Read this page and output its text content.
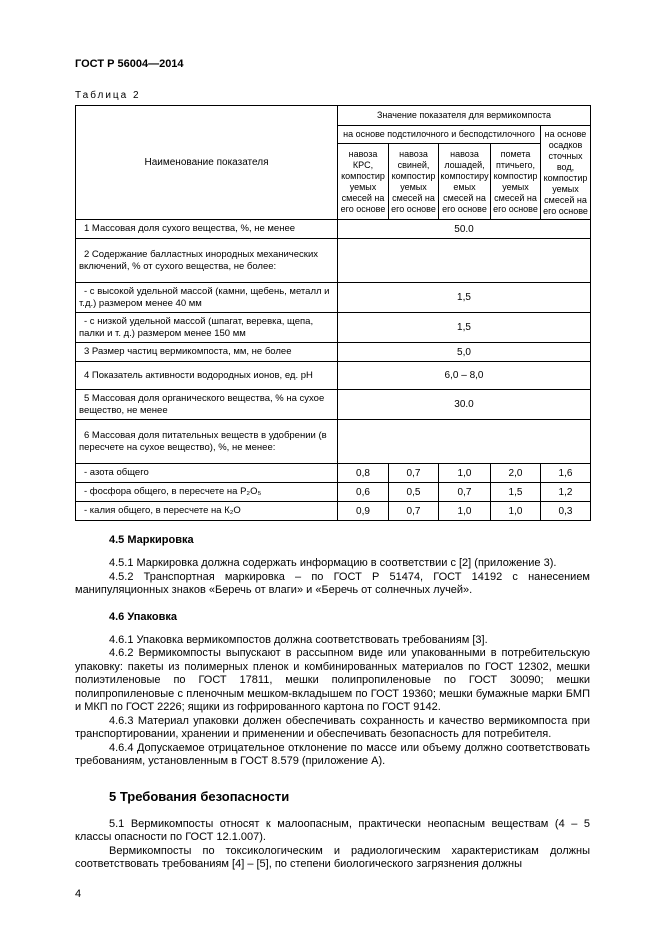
ГОСТ Р 56004—2014
Таблица 2
Наименование показателя	Значение показателя для вермикомпоста				
	на основе подстилочного и бесподстилочного				на основе осадков сточных вод, компостируемых смесей на его основе
	навоза КРС, компостируемых смесей на его основе	навоза свиней, компостируемых смесей на его основе	навоза лошадей, компостируемых смесей на его основе	помета птичьего, компостируемых смесей на его основе	
1 Массовая доля сухого вещества, %, не менее	50.0				
2 Содержание балластных инородных механических включений, % от сухого вещества, не более:					
- с высокой удельной массой (камни, щебень, металл и т.д.) размером менее 40 мм	1,5				
- с низкой удельной массой (шпагат, веревка, щепа, палки и т. д.) размером менее 150 мм	1,5				
3 Размер частиц вермикомпоста, мм, не более	5,0				
4 Показатель активности водородных ионов, ед. рН	6,0 – 8,0				
5 Массовая доля органического вещества, % на сухое вещество, не менее	30.0				
6 Массовая доля питательных веществ в удобрении (в пересчете на сухое вещество), %, не менее:					
- азота общего	0,8	0,7	1,0	2,0	1,6
- фосфора общего, в пересчете на Р₂О₅	0,6	0,5	0,7	1,5	1,2
- калия общего, в пересчете на К₂О	0,9	0,7	1,0	1,0	0,3
4.5 Маркировка

4.5.1 Маркировка должна содержать информацию в соответствии с [2] (приложение 3).

4.5.2 Транспортная маркировка – по ГОСТ Р 51474, ГОСТ 14192 с нанесением манипуляционных знаков «Беречь от влаги» и «Беречь от солнечных лучей».

4.6 Упаковка

4.6.1 Упаковка вермикомпостов должна соответствовать требованиям [3].

4.6.2 Вермикомпосты выпускают в рассыпном виде или упакованными в потребительскую упаковку: пакеты из полимерных пленок и комбинированных материалов по ГОСТ 12302, мешки полиэтиленовые по ГОСТ 17811, мешки полипропиленовые по ГОСТ 30090; мешки полипропиленовые с пленочным мешком-вкладышем по ГОСТ 19360; мешки бумажные марки БМП и МКП по ГОСТ 2226; ящики из гофрированного картона по ГОСТ 9142.

4.6.3 Материал упаковки должен обеспечивать сохранность и качество вермикомпоста при транспортировании, хранении и применении и обеспечивать безопасность для потребителя.

4.6.4 Допускаемое отрицательное отклонение по массе или объему должно соответствовать требованиям, установленным в ГОСТ 8.579 (приложение А).

5 Требования безопасности

5.1 Вермикомпосты относят к малоопасным, практически неопасным веществам (4 – 5 классы опасности по ГОСТ 12.1.007).

Вермикомпосты по токсикологическим и радиологическим характеристикам должны соответствовать требованиям [4] – [5], по степени биологического загрязнения должны

4
